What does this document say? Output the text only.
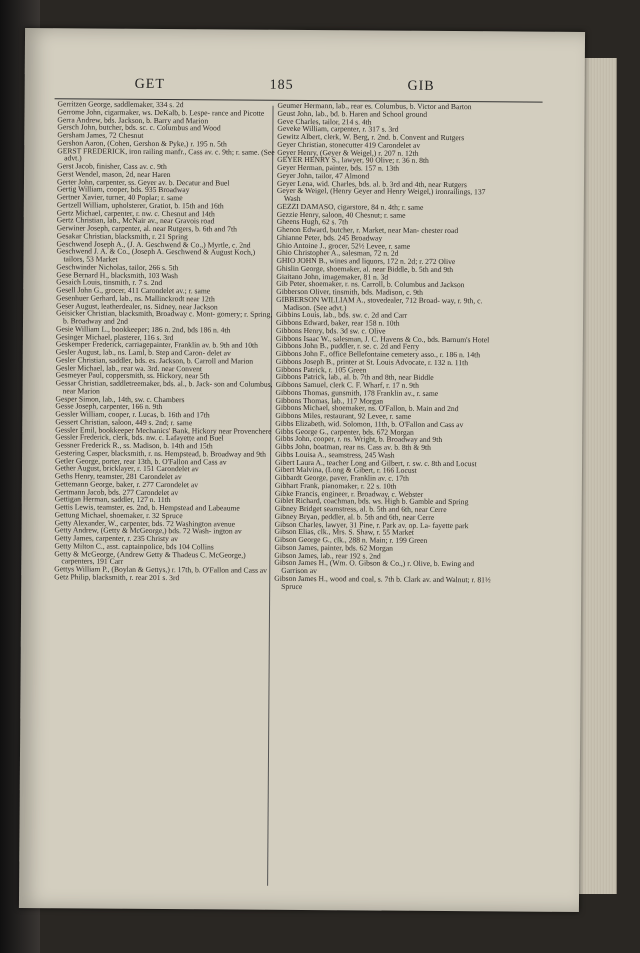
GET	185	GIB
Gerritzen George, saddlemaker, 334 s. 2d
Gerrome John, cigarmaker, ws. DeKalb, b. Lespe- rance and Picotte
Gerra Andrew, bds. Jackson, b. Barry and Marion
Gersch John, butcher, bds. sc. c. Columbus and Wood
Gersham James, 72 Chesnut
Gershon Aaron, (Cohen, Gershon & Pyke,) r. 195 n. 5th
GERST FREDERICK, iron railing manfr., Cass av. c. 9th; r. same. (See advt.)
Gerst Jacob, finisher, Cass av. c. 9th
Gerst Wendel, mason, 2d, near Haren
Gerter John, carpenter, ss. Geyer av. b. Decatur and Buel
Gertig William, cooper, bds. 935 Broadway
Gertner Xavier, turner, 40 Poplar; r. same
Gertzell William, upholsterer, Gratiot, b. 15th and 16th
Gertz Michael, carpenter, r. nw. c. Chesnut and 14th
Gertz Christian, lab., McNair av., near Gravois road
Gerwiner Joseph, carpenter, al. near Rutgers, b. 6th and 7th
Gesakar Christian, blacksmith, r. 21 Spring
Geschwend Joseph A., (J. A. Geschwend & Co.,) Myrtle, c. 2nd
Geschwend J. A. & Co., (Joseph A. Geschwend & August Koch,) tailors, 53 Market
Geschwinder Nicholas, tailor, 266 s. 5th
Gese Bernard H., blacksmith, 103 Wash
Gesaich Louis, tinsmith, r. 7 s. 2nd
Gesell John G., grocer, 411 Carondelet av.; r. same
Gesenhuer Gerhard, lab., ns. Mallinckrodt near 12th
Geser August, leatherdealer, ns. Sidney, near Jackson
Geisicker Christian, blacksmith, Broadway c. Mont- gomery; r. Spring, b. Broadway and 2nd
Gesie William L., bookkeeper; 186 n. 2nd, bds 186 n. 4th
Gesinger Michael, plasterer, 116 s. 3rd
Geskemper Frederick, carriagepainter, Franklin av. b. 9th and 10th
Gesler August, lab., ns. Laml, b. Step and Caron- delet av
Gesler Christian, saddler, bds. es. Jackson, b. Carroll and Marion
Gesler Michael, lab., rear wa. 3rd. near Convent
Gesmeyer Paul, coppersmith, ss. Hickory, near 5th
Gessar Christian, saddletreemaker, bds. al., b. Jack- son and Columbus, near Marion
Gesper Simon, lab., 14th, sw. c. Chambers
Gesse Joseph, carpenter, 166 n. 9th
Gessler William, cooper, r. Lucas, b. 16th and 17th
Gessert Christian, saloon, 449 s. 2nd; r. same
Gessler Emil, bookkeeper Mechanics' Bank, Hickory near Provenchere
Gessler Frederick, clerk, bds. nw. c. Lafayette and Buel
Gessner Frederick R., ss. Madison, b. 14th and 15th
Gestering Casper, blacksmith, r. ns. Hempstead, b. Broadway and 9th
Getler George, porter, rear 13th, b. O'Fallon and Cass av
Gether August, bricklayer, r. 151 Carondelet av
Geths Henry, teamster, 281 Carondelet av
Gettemann George, baker, r. 277 Carondelet av
Gertmann Jacob, bds. 277 Carondelet av
Gettigan Herman, saddler, 127 n. 11th
Gettis Lewis, teamster, es. 2nd, b. Hempstead and Labeaume
Gettung Michael, shoemaker, r. 32 Spruce
Getty Alexander, W., carpenter, bds. 72 Washington avenue
Getty Andrew, (Getty & McGeorge,) bds. 72 Wash- ington av
Getty James, carpenter, r. 235 Christy av
Getty Milton C., asst. captainpolice, bds 104 Collins
Getty & McGeorge, (Andrew Getty & Thadeus C. McGeorge,) carpenters, 191 Carr
Gettys William P., (Boylan & Gettys,) r. 17th, b. O'Fallon and Cass av
Getz Philip, blacksmith, r. rear 201 s. 3rd
Geumer Hermann, lab., rear es. Columbus, b. Victor and Barton
Geust John, lab., bd. b. Haren and School ground
Geve Charles, tailor, 214 s. 4th
Geveke William, carpenter, r. 317 s. 3rd
Gewitz Albert, clerk, W. Berg, r. 2nd. b. Convent and Rutgers
Geyer Christian, stonecutter 419 Carondelet av
Geyer Henry, (Geyer & Weigel,) r. 207 n. 12th
GEYER HENRY S., lawyer, 90 Olive; r. 36 n. 8th
Geyer Herman, painter, bds. 157 n. 13th
Geyer John, tailor, 47 Almond
Geyer Lena, wid. Charles, bds. al. b. 3rd and 4th, near Rutgers
Geyer & Weigel, (Henry Geyer and Henry Weigel,) ironrailings, 137 Wash
GEZZI DAMASO, cigarstore, 84 n. 4th; r. same
Gezzie Henry, saloon, 40 Chesnut; r. same
Gheens Hugh, 62 s. 7th
Ghenon Edward, butcher, r. Market, near Man- chester road
Ghianne Peter, bds. 245 Broadway
Ghio Antoine J., grocer, 52½ Levee, r. same
Ghio Christopher A., salesman, 72 n. 2d
GHIO JOHN B., wines and liquors, 172 n. 2d; r. 272 Olive
Ghislin George, shoemaker, al. near Biddle, b. 5th and 9th
Giaitano John, imagemaker, 81 n. 3d
Gib Peter, shoemaker, r. ns. Carroll, b. Columbus and Jackson
Gibberson Oliver, tinsmith, bds. Madison, c. 9th
GIBBERSON WILLIAM A., stovedealer, 712 Broad- way, r. 9th, c. Madison. (See advt.)
Gibbins Louis, lab., bds. sw. c. 2d and Carr
Gibbons Edward, baker, rear 158 n. 10th
Gibbons Henry, bds. 3d sw. c. Olive
Gibbons Isaac W., salesman, J. C. Havens & Co., bds. Barnum's Hotel
Gibbons John B., puddler, r. se. c. 2d and Ferry
Gibbons John F., office Bellefontaine cemetery asso., r. 186 n. 14th
Gibbons Joseph B., printer at St. Louis Advocate, r. 132 n. 11th
Gibbons Patrick, r. 105 Green
Gibbons Patrick, lab., al. b. 7th and 8th, near Biddle
Gibbons Samuel, clerk C. F. Wharf, r. 17 n. 9th
Gibbons Thomas, gunsmith, 178 Franklin av., r. same
Gibbons Thomas, lab., 117 Morgan
Gibbons Michael, shoemaker, ns. O'Fallon, b. Main and 2nd
Gibbons Miles, restaurant, 92 Levee, r. same
Gibbs Elizabeth, wid. Solomon, 11th, b. O'Fallon and Cass av
Gibbs George G., carpenter, bds. 672 Morgan
Gibbs John, cooper, r. ns. Wright, b. Broadway and 9th
Gibbs John, boatman, rear ns. Cass av. b. 8th & 9th
Gibbs Louisa A., seamstress, 245 Wash
Gibert Laura A., teacher Long and Gilbert, r. sw. c. 8th and Locust
Gibert Malvina, (Long & Gibert, r. 166 Locust
Gibbardt George, paver, Franklin av. c. 17th
Gibhart Frank, pianomaker, r. 22 s. 10th
Gibke Francis, engineer, r. Broadway, c. Webster
Giblet Richard, coachman, bds. ws. High b. Gamble and Spring
Gibney Bridget seamstress, al. b. 5th and 6th, near Cerre
Gibney Bryan, peddler, al. b. 5th and 6th, near Cerre
Gibson Charles, lawyer, 31 Pine, r. Park av. op. La- fayette park
Gibson Elias, clk., Mrs. S. Shaw, r. 55 Market
Gibson George G., clk., 288 n. Main; r. 199 Green
Gibson James, painter, bds. 62 Morgan
Gibson James, lab., rear 192 s. 2nd
Gibson James H., (Wm. O. Gibson & Co.,) r. Olive, b. Ewing and Garrison av
Gibson James H., wood and coal, s. 7th b. Clark av. and Walnut; r. 81½ Spruce
